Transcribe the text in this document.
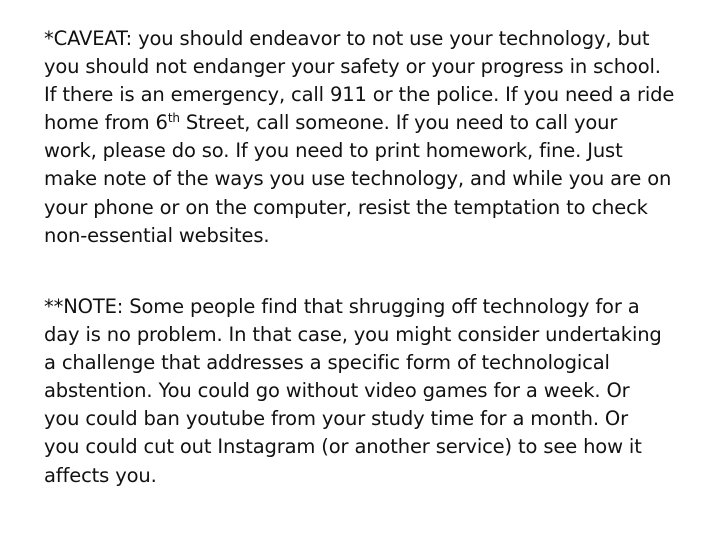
*CAVEAT: you should endeavor to not use your technology, but
you should not endanger your safety or your progress in school.
If there is an emergency, call 911 or the police. If you need a ride
home from 6th Street, call someone. If you need to call your
work, please do so. If you need to print homework, fine. Just
make note of the ways you use technology, and while you are on
your phone or on the computer, resist the temptation to check
non-essential websites.

**NOTE: Some people find that shrugging off technology for a
day is no problem. In that case, you might consider undertaking
a challenge that addresses a specific form of technological
abstention. You could go without video games for a week. Or
you could ban youtube from your study time for a month. Or
you could cut out Instagram (or another service) to see how it
affects you.
